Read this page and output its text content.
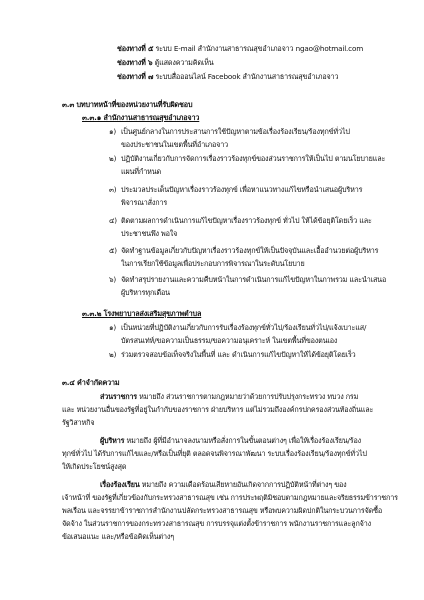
ช่องทางที่ ๕ ระบบ E-mail สำนักงานสาธารณสุขอำเภอจาว ngao@hotmail.com
ช่องทางที่ ๖ ตู้แสดงความคิดเห็น
ช่องทางที่ ๗ ระบบสื่อออนไลน์ Facebook สำนักงานสาธารณสุขอำเภอจาว
๓.๓ บทบาทหน้าที่ของหน่วยงานที่รับผิดชอบ
๓.๓.๑ สำนักงานสาธารณสุขอำเภอจาว
๑) เป็นศูนย์กลางในการประสานการใช้ปัญหาตามข้อเรื่องร้องเรียน/ร้องทุกข์ทั่วไป
ของประชาชนในเขตพื้นที่อำเภอจาว
๒) ปฏิบัติงานเกี่ยวกับการจัดการเรื่องราวร้องทุกข์ของส่วนราชการให้เป็นไป ตามนโยบายและ
แผนที่กำหนด
๓) ประมวลประเด็นปัญหาเรื่องราวร้องทุกข์ เพื่อหาแนวทางแก้ไขหรือนำเสนอผู้บริหาร
พิจารณาสั่งการ
๔) ติดตามผลการดำเนินการแก้ไขปัญหาเรื่องราวร้องทุกข์ ทั่วไป ให้ได้ข้อยุติโดยเร็ว และ
ประชาชนพึง พอใจ
๕) จัดทำฐานข้อมูลเกี่ยวกับปัญหาเรื่องราวร้องทุกข์ให้เป็นปัจจุบันและเอื้ออำนวยต่อผู้บริหาร
ในการเรียกใช้ข้อมูลเพื่อประกอบการพิจารณาในระดับนโยบาย
๖) จัดทำสรุปรายงานและความคืบหน้าในการดำเนินการแก้ไขปัญหาในภาพรวม และนำเสนอ
ผู้บริหารทุกเดือน
๓.๓.๒ โรงพยาบาลส่งเสริมสุขภาพตำบล
๑) เป็นหน่วยที่ปฏิบัติงานเกี่ยวกับการรับเรื่องร้องทุกข์ทั่วไป/ร้องเรียนทั่วไป/แจ้งเบาะแส/
บัตรสนเท่ห์/ขอความเป็นธรรม/ขอความอนุเคราะห์ ในเขตพื้นที่ของตนเอง
๒) ร่วมตรวจสอบข้อเท็จจริงในพื้นที่ และ ดำเนินการแก้ไขปัญหาให้ได้ข้อยุติโดยเร็ว
๓.๔ คำจำกัดความ
ส่วนราชการ หมายถึง ส่วนราชการตามกฎหมายว่าด้วยการปรับปรุงกระทรวง ทบวง กรม
และ หน่วยงานอื่นของรัฐที่อยู่ในกำกับของราชการ ฝ่ายบริหาร แต่ไม่รวมถึงองค์กรปกครองส่วนท้องถิ่นและ
รัฐวิสาหกิจ
ผู้บริหาร หมายถึง ผู้ที่มีอำนาจลงนามหรือสั่งการในขั้นตอนต่างๆ เพื่อให้เรื่องร้องเรียน/ร้อง
ทุกข์ทั่วไป ได้รับการแก้ไขและ/หรือเป็นที่ยุติ ตลอดจนพิจารณาพัฒนา ระบบเรื่องร้องเรียน/ร้องทุกข์ทั่วไป
ให้เกิดประโยชน์สูงสุด
เรื่องร้องเรียน หมายถึง ความเดือดร้อนเสียหายอันเกิดจากการปฏิบัติหน้าที่ต่างๆ ของ
เจ้าหน้าที่ ของรัฐที่เกี่ยวข้องกับกระทรวงสาธารณสุข เช่น การประพฤติมิชอบตามกฎหมายและจริยธรรมข้าราชการ
พลเรือน และจรรยาข้าราชการสำนักงานปลัดกระทรวงสาธารณสุข หรือพบความผิดปกติในกระบวนการจัดซื้อ
จัดจ้าง ในส่วนราชการของกระทรวงสาธารณสุข การบรรจุแต่งตั้งข้าราชการ พนักงานราชการและลูกจ้าง
ข้อเสนอแนะ และ/หรือข้อคิดเห็นต่างๆ
